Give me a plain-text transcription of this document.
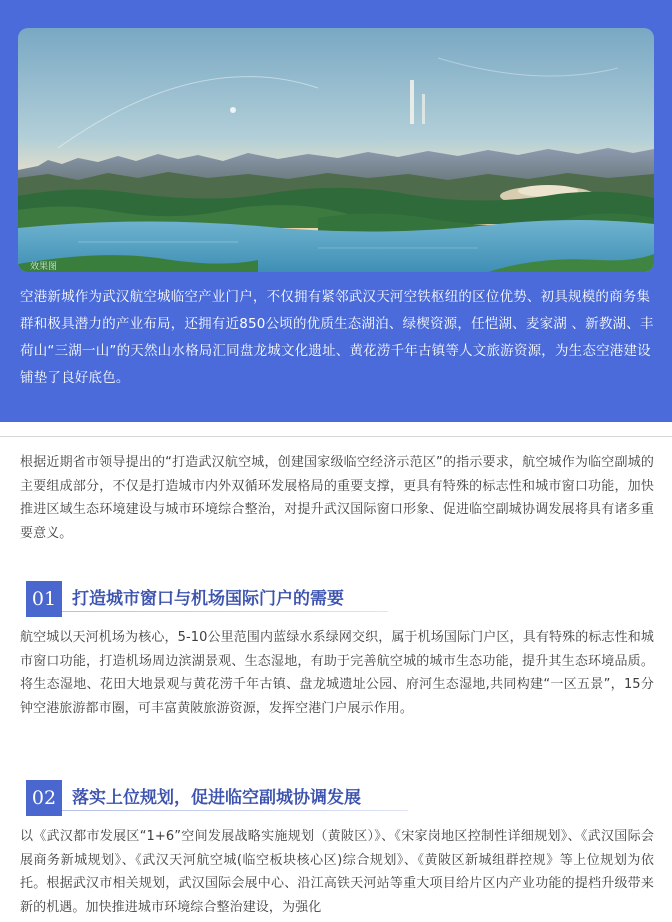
效果图

空港新城作为武汉航空城临空产业门户，不仅拥有紧邻武汉天河空铁枢纽的区位优势、初具规模的商务集群和极具潜力的产业布局，还拥有近850公顷的优质生态湖泊、绿楔资源，任恺湖、麦家湖 、新教湖、丰荷山“三湖一山”的天然山水格局汇同盘龙城文化遗址、黄花涝千年古镇等人文旅游资源，为生态空港建设铺垫了良好底色。

根据近期省市领导提出的“打造武汉航空城，创建国家级临空经济示范区”的指示要求，航空城作为临空副城的主要组成部分，不仅是打造城市内外双循环发展格局的重要支撑，更具有特殊的标志性和城市窗口功能，加快推进区域生态环境建设与城市环境综合整治，对提升武汉国际窗口形象、促进临空副城协调发展将具有诸多重要意义。

01 打造城市窗口与机场国际门户的需要

航空城以天河机场为核心，5-10公里范围内蓝绿水系绿网交织，属于机场国际门户区，具有特殊的标志性和城市窗口功能，打造机场周边滨湖景观、生态湿地，有助于完善航空城的城市生态功能，提升其生态环境品质。将生态湿地、花田大地景观与黄花涝千年古镇、盘龙城遗址公园、府河生态湿地,共同构建“一区五景”，15分钟空港旅游都市圈，可丰富黄陂旅游资源，发挥空港门户展示作用。

02 落实上位规划，促进临空副城协调发展

以《武汉都市发展区“1+6”空间发展战略实施规划（黄陂区）》、《宋家岗地区控制性详细规划》、《武汉国际会展商务新城规划》、《武汉天河航空城(临空板块核心区)综合规划》、《黄陂区新城组群控规》等上位规划为依托。根据武汉市相关规划，武汉国际会展中心、沿江高铁天河站等重大项目给片区内产业功能的提档升级带来新的机遇。加快推进城市环境综合整治建设，为强化
